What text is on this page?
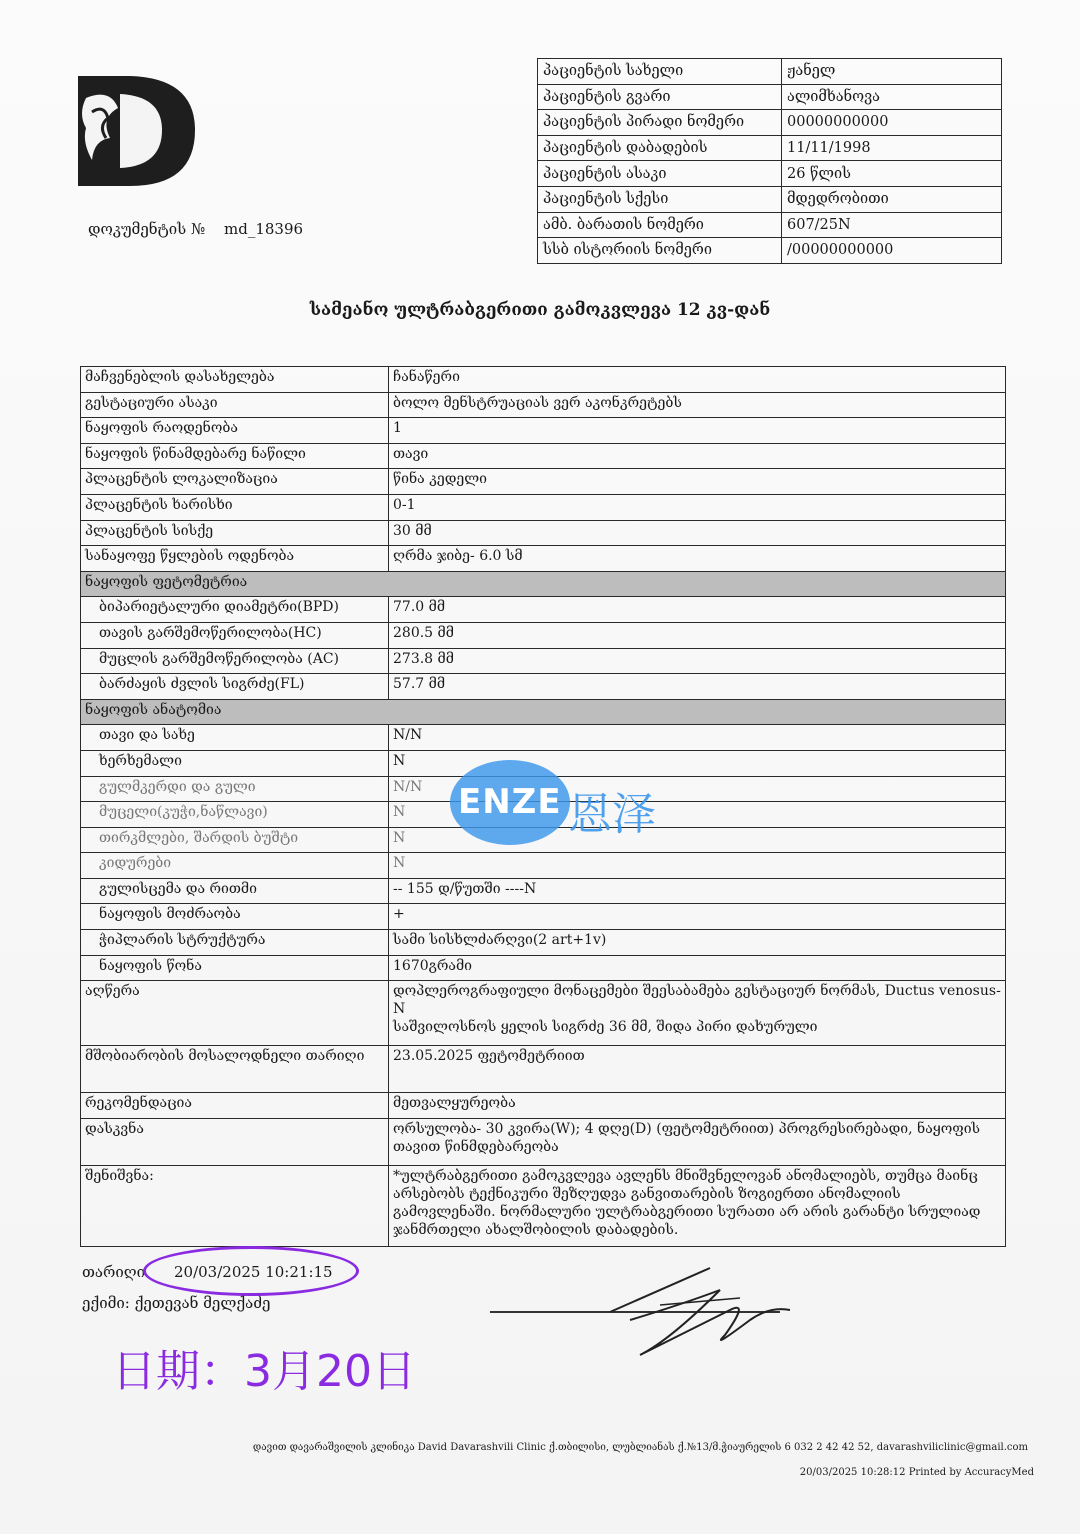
დოკუმენტის № md_18396
პაციენტის სახელი	ჟანელ
პაციენტის გვარი	ალიმხანოვა
პაციენტის პირადი ნომერი	00000000000
პაციენტის დაბადების	11/11/1998
პაციენტის ასაკი	26 წლის
პაციენტის სქესი	მდედრობითი
ამბ. ბარათის ნომერი	607/25N
სსბ ისტორიის ნომერი	/00000000000
სამეანო ულტრაბგერითი გამოკვლევა 12 კვ-დან
მაჩვენებლის დასახელება	ჩანაწერი
გესტაციური ასაკი	ბოლო მენსტრუაციას ვერ აკონკრეტებს
ნაყოფის რაოდენობა	1
ნაყოფის წინამდებარე ნაწილი	თავი
პლაცენტის ლოკალიზაცია	წინა კედელი
პლაცენტის ხარისხი	0-1
პლაცენტის სისქე	30 მმ
სანაყოფე წყლების ოდენობა	ღრმა ჯიბე- 6.0 სმ
ნაყოფის ფეტომეტრია	
ბიპარიეტალური დიამეტრი(BPD)	77.0 მმ
თავის გარშემოწერილობა(HC)	280.5 მმ
მუცლის გარშემოწერილობა (AC)	273.8 მმ
ბარძაყის ძვლის სიგრძე(FL)	57.7 მმ
ნაყოფის ანატომია	
თავი და სახე	N/N
ხერხემალი	N
გულმკერდი და გული	N/N
მუცელი(კუჭი,ნაწლავი)	N
თირკმლები, შარდის ბუშტი	N
კიდურები	N
გულისცემა და რითმი	-- 155 დ/წუთში ----N
ნაყოფის მოძრაობა	+
ჭიპლარის სტრუქტურა	სამი სისხლძარღვი(2 art+1v)
ნაყოფის წონა	1670გრამი
აღწერა	დოპლეროგრაფიული მონაცემები შეესაბამება გესტაციურ ნორმას, Ductus venosus-N
საშვილოსნოს ყელის სიგრძე 36 მმ, შიდა პირი დახურული

მშობიარობის მოსალოდნელი თარიღი	23.05.2025 ფეტომეტრიით
რეკომენდაცია	მეთვალყურეობა
დასკვნა	ორსულობა- 30 კვირა(W); 4 დღე(D) (ფეტომეტრიით) პროგრესირებადი, ნაყოფის თავით წინმდებარეობა
შენიშვნა:	*ულტრაბგერითი გამოკვლევა ავლენს მნიშვნელოვან ანომალიებს, თუმცა მაინც არსებობს ტექნიკური შეზღუდვა განვითარების ზოგიერთი ანომალიის გამოვლენაში. ნორმალური ულტრაბგერითი სურათი არ არის გარანტი სრულიად ჯანმრთელი ახალშობილის დაბადების.
ENZE 恩泽
თარიღი 20/03/2025 10:21:15
ექიმი: ქეთევან მელქაძე
日期：3月20日
დავით დავარაშვილის კლინიკა David Davarashvili Clinic ქ.თბილისი, ლუბლიანას ქ.№13/მ.ჭიაურელის 6 032 2 42 42 52, davarashviliclinic@gmail.com
20/03/2025 10:28:12 Printed by AccuracyMed
